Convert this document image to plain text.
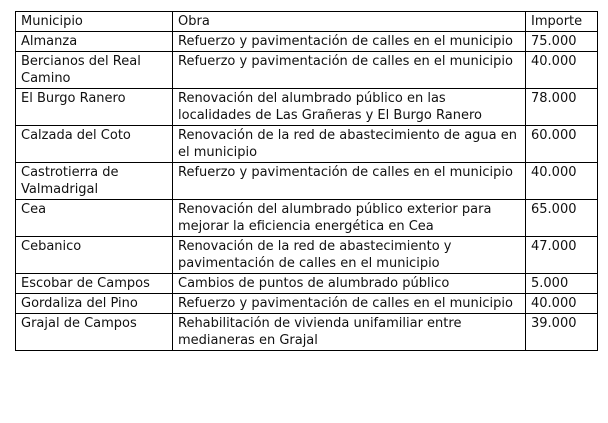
Municipio	Obra	Importe
Almanza	Refuerzo y pavimentación de calles en el municipio	75.000
Bercianos del Real Camino	Refuerzo y pavimentación de calles en el municipio	40.000
El Burgo Ranero	Renovación del alumbrado público en las localidades de Las Grañeras y El Burgo Ranero	78.000
Calzada del Coto	Renovación de la red de abastecimiento de agua en el municipio	60.000
Castrotierra de Valmadrigal	Refuerzo y pavimentación de calles en el municipio	40.000
Cea	Renovación del alumbrado público exterior para mejorar la eficiencia energética en Cea	65.000
Cebanico	Renovación de la red de abastecimiento y pavimentación de calles en el municipio	47.000
Escobar de Campos	Cambios de puntos de alumbrado público	5.000
Gordaliza del Pino	Refuerzo y pavimentación de calles en el municipio	40.000
Grajal de Campos	Rehabilitación de vivienda unifamiliar entre medianeras en Grajal	39.000
